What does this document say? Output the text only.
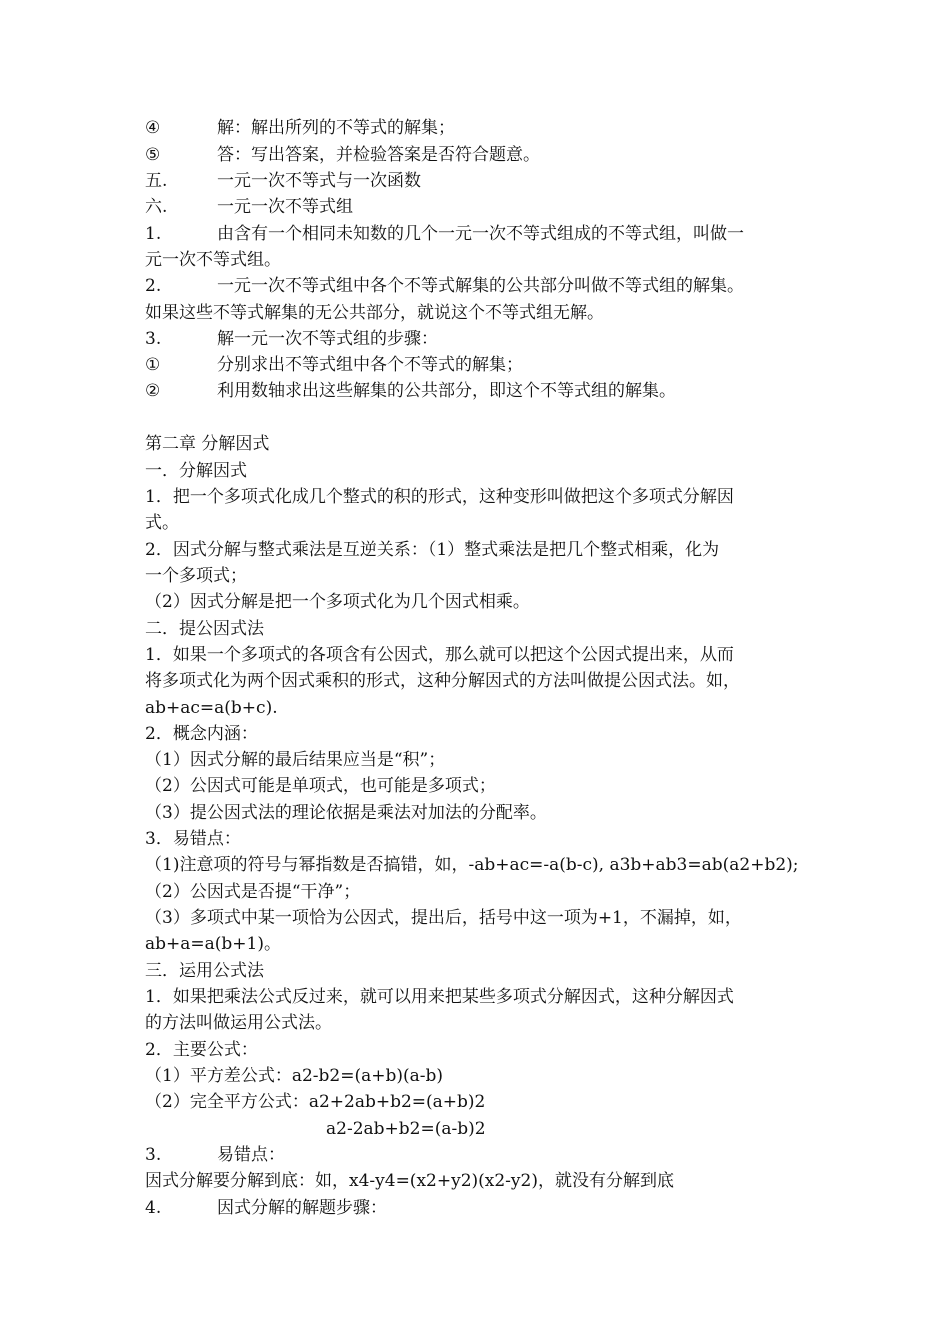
④	解：解出所列的不等式的解集；
⑤	答：写出答案，并检验答案是否符合题意。
五.	一元一次不等式与一次函数
六.	一元一次不等式组
1.	由含有一个相同未知数的几个一元一次不等式组成的不等式组，叫做一
元一次不等式组。
2.	一元一次不等式组中各个不等式解集的公共部分叫做不等式组的解集。
如果这些不等式解集的无公共部分，就说这个不等式组无解。
3.	解一元一次不等式组的步骤：
①	分别求出不等式组中各个不等式的解集；
②	利用数轴求出这些解集的公共部分，即这个不等式组的解集。
第二章 分解因式
一．分解因式
1．把一个多项式化成几个整式的积的形式，这种变形叫做把这个多项式分解因
式。
2．因式分解与整式乘法是互逆关系：（1）整式乘法是把几个整式相乘，化为
一个多项式；
（2）因式分解是把一个多项式化为几个因式相乘。
二．提公因式法
1．如果一个多项式的各项含有公因式，那么就可以把这个公因式提出来，从而
将多项式化为两个因式乘积的形式，这种分解因式的方法叫做提公因式法。如，
ab+ac=a(b+c).
2．概念内涵：
（1）因式分解的最后结果应当是“积”；
（2）公因式可能是单项式，也可能是多项式；
（3）提公因式法的理论依据是乘法对加法的分配率。
3．易错点：
（1)注意项的符号与幂指数是否搞错，如，-ab+ac=-a(b-c), a3b+ab3=ab(a2+b2);
（2）公因式是否提“干净”；
（3）多项式中某一项恰为公因式，提出后，括号中这一项为+1，不漏掉，如，
ab+a=a(b+1)。
三．运用公式法
1．如果把乘法公式反过来，就可以用来把某些多项式分解因式，这种分解因式
的方法叫做运用公式法。
2．主要公式：
（1）平方差公式：a2-b2=(a+b)(a-b)
（2）完全平方公式：a2+2ab+b2=(a+b)2
a2-2ab+b2=(a-b)2
3.	易错点：
因式分解要分解到底：如，x4-y4=(x2+y2)(x2-y2)，就没有分解到底
4.	因式分解的解题步骤：
